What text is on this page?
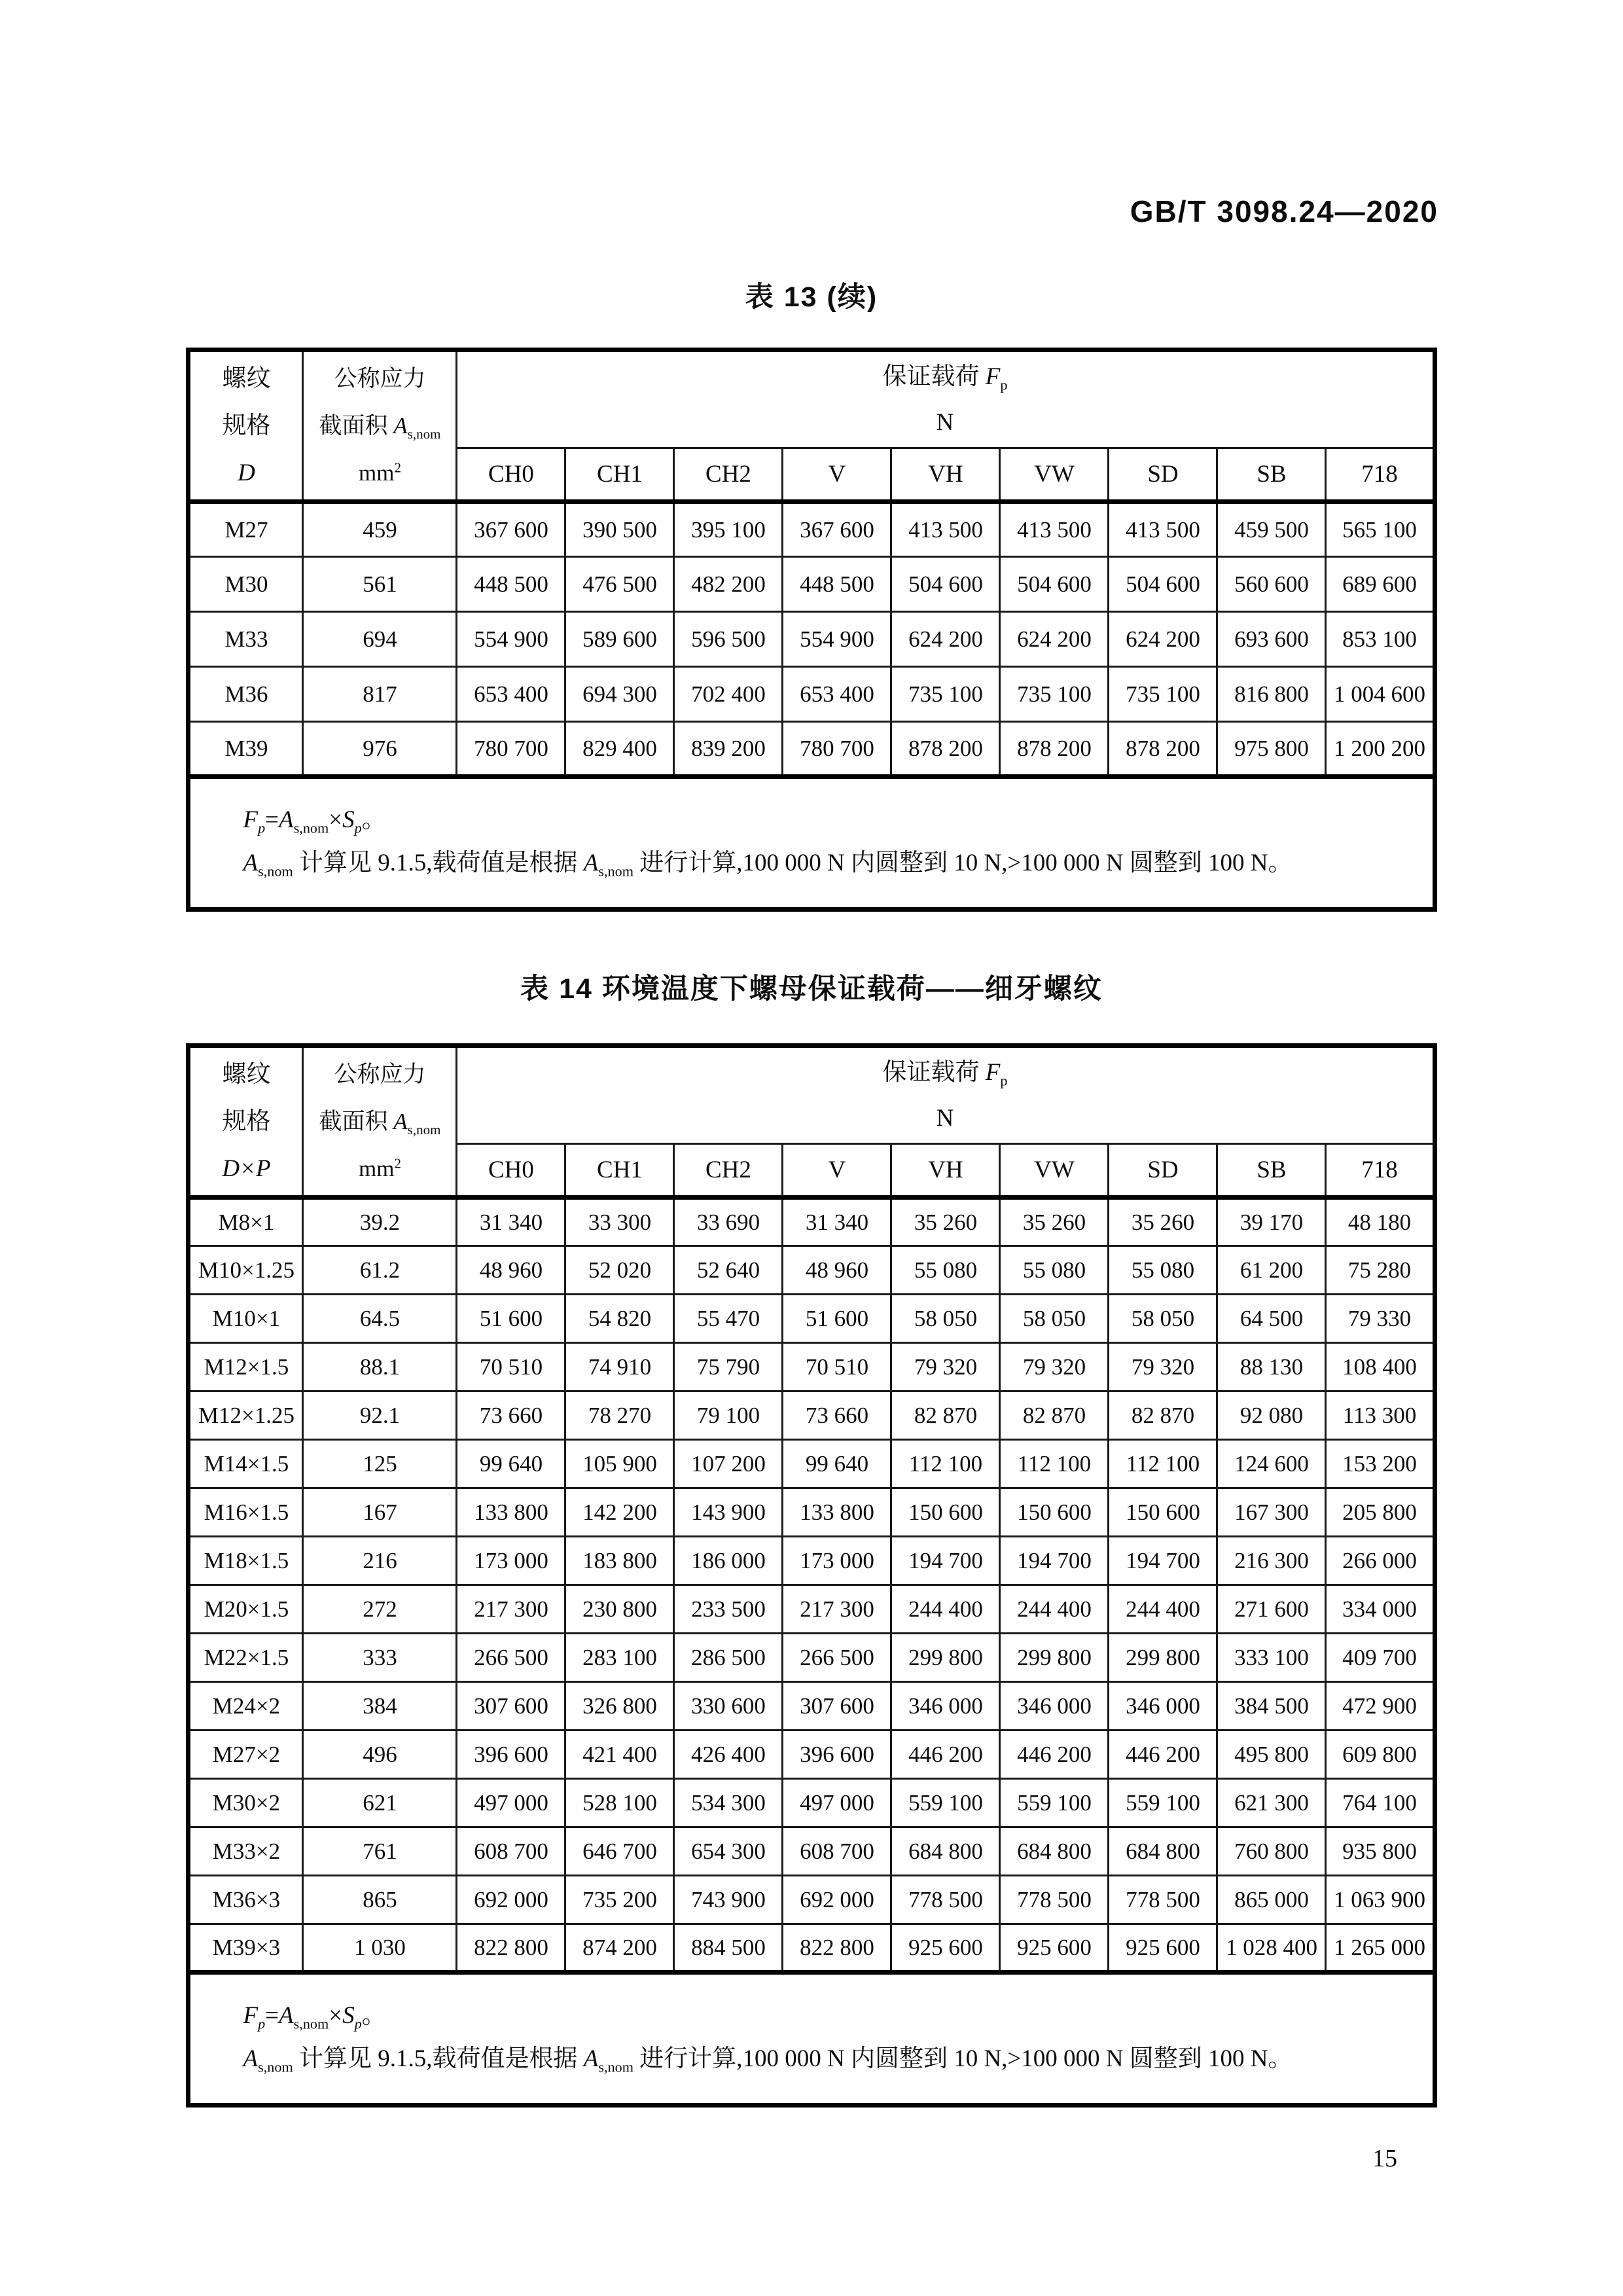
GB/T 3098.24—2020
表 13 (续)
螺纹
规格
D

公称应力
截面积 $A_{s,nom}$
$mm^2$

保证载荷 $F_p$
N

		CH0	CH1	CH2	V	VH	VW	SD	SB	718
M27	459	367 600	390 500	395 100	367 600	413 500	413 500	413 500	459 500	565 100
M30	561	448 500	476 500	482 200	448 500	504 600	504 600	504 600	560 600	689 600
M33	694	554 900	589 600	596 500	554 900	624 200	624 200	624 200	693 600	853 100
M36	817	653 400	694 300	702 400	653 400	735 100	735 100	735 100	816 800	1 004 600
M39	976	780 700	829 400	839 200	780 700	878 200	878 200	878 200	975 800	1 200 200

$F_p=A_{s,nom}\times S_p$。
$A_{s,nom}$ 计算见 9.1.5,载荷值是根据 $A_{s,nom}$ 进行计算,100 000 N 内圆整到 10 N,>100 000 N 圆整到 100 N。										
表 14 环境温度下螺母保证载荷——细牙螺纹
螺纹
规格
D×P

公称应力
截面积 $A_{s,nom}$
$mm^2$

保证载荷 $F_p$
N

		CH0	CH1	CH2	V	VH	VW	SD	SB	718
M8×1	39.2	31 340	33 300	33 690	31 340	35 260	35 260	35 260	39 170	48 180
M10×1.25	61.2	48 960	52 020	52 640	48 960	55 080	55 080	55 080	61 200	75 280
M10×1	64.5	51 600	54 820	55 470	51 600	58 050	58 050	58 050	64 500	79 330
M12×1.5	88.1	70 510	74 910	75 790	70 510	79 320	79 320	79 320	88 130	108 400
M12×1.25	92.1	73 660	78 270	79 100	73 660	82 870	82 870	82 870	92 080	113 300
M14×1.5	125	99 640	105 900	107 200	99 640	112 100	112 100	112 100	124 600	153 200
M16×1.5	167	133 800	142 200	143 900	133 800	150 600	150 600	150 600	167 300	205 800
M18×1.5	216	173 000	183 800	186 000	173 000	194 700	194 700	194 700	216 300	266 000
M20×1.5	272	217 300	230 800	233 500	217 300	244 400	244 400	244 400	271 600	334 000
M22×1.5	333	266 500	283 100	286 500	266 500	299 800	299 800	299 800	333 100	409 700
M24×2	384	307 600	326 800	330 600	307 600	346 000	346 000	346 000	384 500	472 900
M27×2	496	396 600	421 400	426 400	396 600	446 200	446 200	446 200	495 800	609 800
M30×2	621	497 000	528 100	534 300	497 000	559 100	559 100	559 100	621 300	764 100
M33×2	761	608 700	646 700	654 300	608 700	684 800	684 800	684 800	760 800	935 800
M36×3	865	692 000	735 200	743 900	692 000	778 500	778 500	778 500	865 000	1 063 900
M39×3	1 030	822 800	874 200	884 500	822 800	925 600	925 600	925 600	1 028 400	1 265 000

$F_p=A_{s,nom}\times S_p$。
$A_{s,nom}$ 计算见 9.1.5,载荷值是根据 $A_{s,nom}$ 进行计算,100 000 N 内圆整到 10 N,>100 000 N 圆整到 100 N。										
15
